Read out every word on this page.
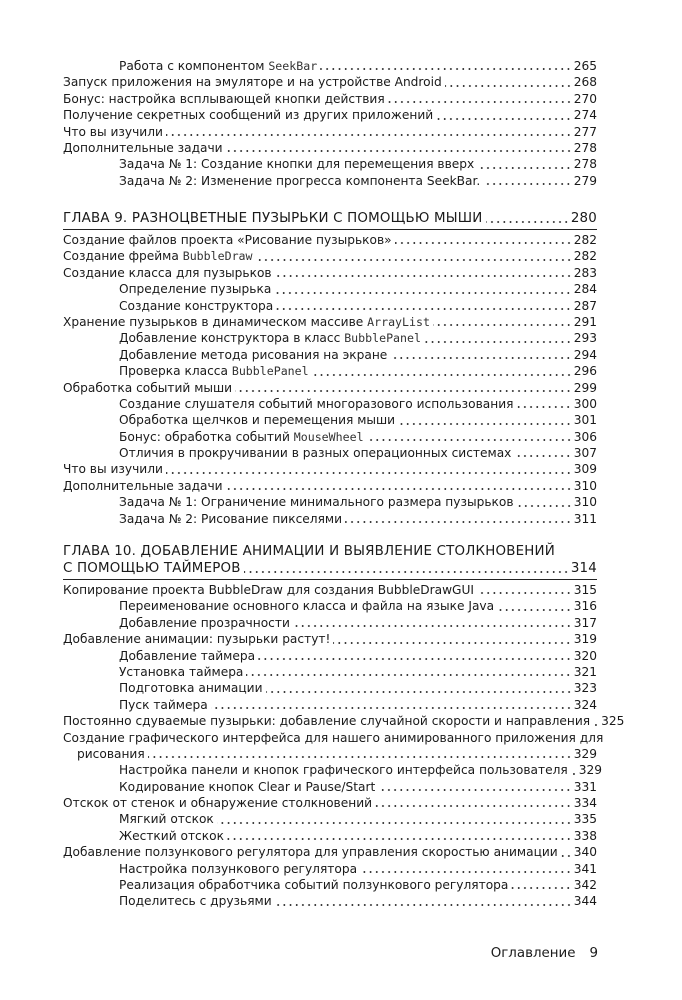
Работа с компонентом SeekBar	265
Запуск приложения на эмуляторе и на устройстве Android	268
Бонус: настройка всплывающей кнопки действия	270
Получение секретных сообщений из других приложений	274
Что вы изучили	277
Дополнительные задачи	278
Задача № 1: Создание кнопки для перемещения вверх	278
Задача № 2: Изменение прогресса компонента SeekBar.	279
ГЛАВА 9. РАЗНОЦВЕТНЫЕ ПУЗЫРЬКИ С ПОМОЩЬЮ МЫШИ	280
Создание файлов проекта «Рисование пузырьков»	282
Создание фрейма BubbleDraw	282
Создание класса для пузырьков	283
Определение пузырька	284
Создание конструктора	287
Хранение пузырьков в динамическом массиве ArrayList	291
Добавление конструктора в класс BubblePanel	293
Добавление метода рисования на экране	294
Проверка класса BubblePanel	296
Обработка событий мыши	299
Создание слушателя событий многоразового использования	300
Обработка щелчков и перемещения мыши	301
Бонус: обработка событий MouseWheel	306
Отличия в прокручивании в разных операционных системах	307
Что вы изучили	309
Дополнительные задачи	310
Задача № 1: Ограничение минимального размера пузырьков	310
Задача № 2: Рисование пикселями	311
ГЛАВА 10. ДОБАВЛЕНИЕ АНИМАЦИИ И ВЫЯВЛЕНИЕ СТОЛКНОВЕНИЙ
С ПОМОЩЬЮ ТАЙМЕРОВ	314
Копирование проекта BubbleDraw для создания BubbleDrawGUI	315
Переименование основного класса и файла на языке Java	316
Добавление прозрачности	317
Добавление анимации: пузырьки растут!	319
Добавление таймера	320
Установка таймера	321
Подготовка анимации	323
Пуск таймера	324
Постоянно сдуваемые пузырьки: добавление случайной скорости и направления 325
Создание графического интерфейса для нашего анимированного приложения для
рисования	329
Настройка панели и кнопок графического интерфейса пользователя 329
Кодирование кнопок Clear и Pause/Start	331
Отскок от стенок и обнаружение столкновений	334
Мягкий отскок	335
Жесткий отскок	338
Добавление ползункового регулятора для управления скоростью анимации 340
Настройка ползункового регулятора	341
Реализация обработчика событий ползункового регулятора	342
Поделитесь с друзьями	344
Оглавление 9
